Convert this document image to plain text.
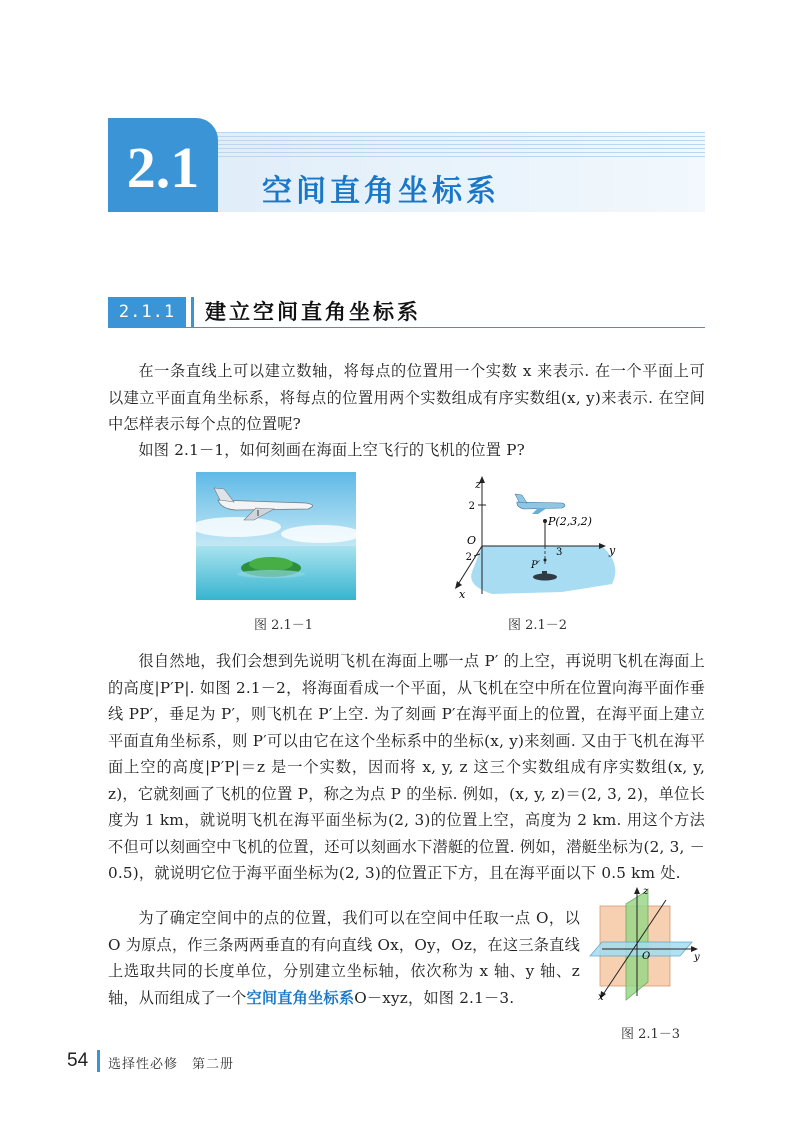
2.1	空间直角坐标系
2.1.1	建立空间直角坐标系
在一条直线上可以建立数轴，将每点的位置用一个实数 x 来表示. 在一个平面上可以建立平面直角坐标系，将每点的位置用两个实数组成有序实数组(x, y)来表示. 在空间中怎样表示每个点的位置呢?
如图 2.1－1，如何刻画在海面上空飞行的飞机的位置 P?
图 2.1－1
z
y
x
O
2
3
2
P(2,3,2)
P′
图 2.1－2
很自然地，我们会想到先说明飞机在海面上哪一点 P′ 的上空，再说明飞机在海面上的高度|P′P|. 如图 2.1－2，将海面看成一个平面，从飞机在空中所在位置向海平面作垂线 PP′，垂足为 P′，则飞机在 P′上空. 为了刻画 P′在海平面上的位置，在海平面上建立平面直角坐标系，则 P′可以由它在这个坐标系中的坐标(x, y)来刻画. 又由于飞机在海平面上空的高度|P′P|＝z 是一个实数，因而将 x, y, z 这三个实数组成有序实数组(x, y, z)，它就刻画了飞机的位置 P，称之为点 P 的坐标. 例如，(x, y, z)＝(2, 3, 2)，单位长度为 1 km，就说明飞机在海平面坐标为(2, 3)的位置上空，高度为 2 km. 用这个方法不但可以刻画空中飞机的位置，还可以刻画水下潜艇的位置. 例如，潜艇坐标为(2, 3, －0.5)，就说明它位于海平面坐标为(2, 3)的位置正下方，且在海平面以下 0.5 km 处.
为了确定空间中的点的位置，我们可以在空间中任取一点 O，以 O 为原点，作三条两两垂直的有向直线 Ox，Oy，Oz，在这三条直线上选取共同的长度单位，分别建立坐标轴，依次称为 x 轴、y 轴、z 轴，从而组成了一个空间直角坐标系O－xyz，如图 2.1－3.
z
y
x
O
图 2.1－3
54 选择性必修　第二册
